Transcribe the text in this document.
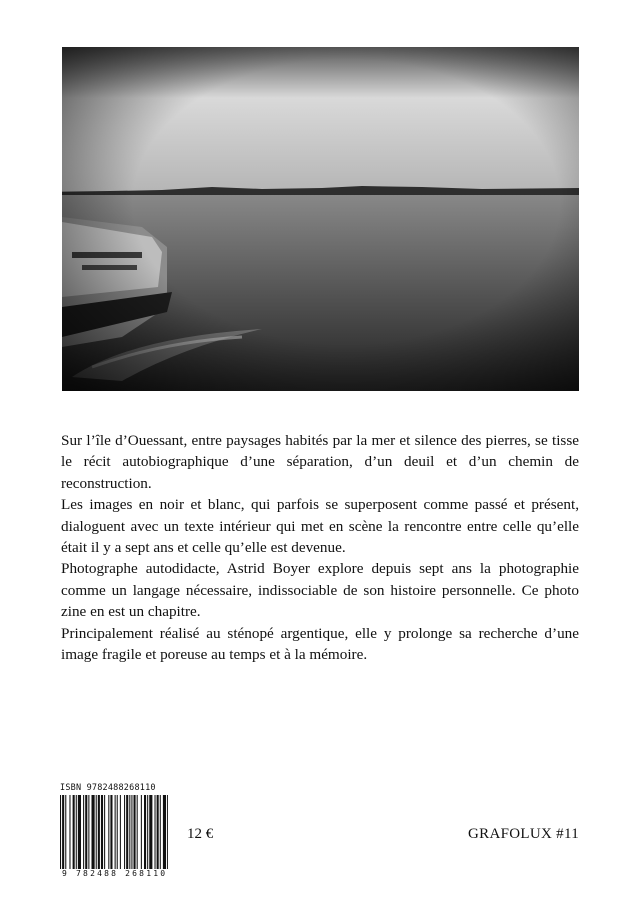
Sur l’île d’Ouessant, entre paysages habités par la mer et silence des pierres, se tisse le récit autobiographique d’une séparation, d’un deuil et d’un chemin de reconstruction.

Les images en noir et blanc, qui parfois se superposent comme passé et présent, dialoguent avec un texte intérieur qui met en scène la rencontre entre celle qu’elle était il y a sept ans et celle qu’elle est devenue.

Photographe autodidacte, Astrid Boyer explore depuis sept ans la photographie comme un langage nécessaire, indissociable de son histoire personnelle. Ce photo zine en est un chapitre.

Principalement réalisé au sténopé argentique, elle y prolonge sa recherche d’une image fragile et poreuse au temps et à la mémoire.

ISBN 9782488268110
9 782488 268110
12 €	GRAFOLUX #11
